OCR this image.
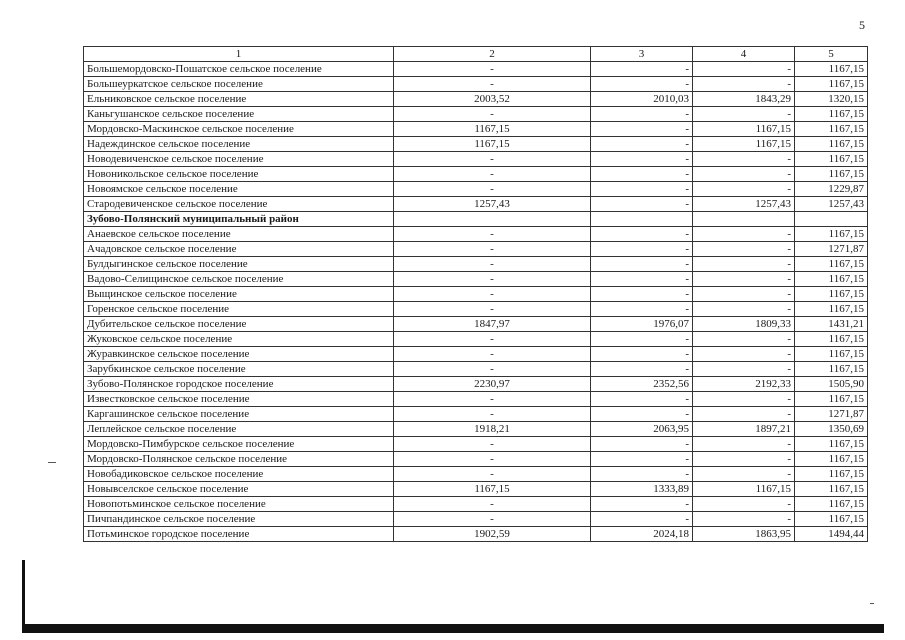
5
1	2	3	4	5
Большемордовско-Пошатское сельское поселение	-	-	-	1167,15
Большеуркатское сельское поселение	-	-	-	1167,15
Ельниковское сельское поселение	2003,52	2010,03	1843,29	1320,15
Каньгушанское сельское поселение	-	-	-	1167,15
Мордовско-Маскинское сельское поселение	1167,15	-	1167,15	1167,15
Надеждинское сельское поселение	1167,15	-	1167,15	1167,15
Новодевиченское сельское поселение	-	-	-	1167,15
Новоникольское сельское поселение	-	-	-	1167,15
Новоямское сельское поселение	-	-	-	1229,87
Стародевиченское сельское поселение	1257,43	-	1257,43	1257,43
Зубово-Полянский муниципальный район				
Анаевское сельское поселение	-	-	-	1167,15
Ачадовское сельское поселение	-	-	-	1271,87
Булдыгинское сельское поселение	-	-	-	1167,15
Вадово-Селищинское сельское поселение	-	-	-	1167,15
Выщинское сельское поселение	-	-	-	1167,15
Горенское сельское поселение	-	-	-	1167,15
Дубительское сельское поселение	1847,97	1976,07	1809,33	1431,21
Жуковское сельское поселение	-	-	-	1167,15
Журавкинское сельское поселение	-	-	-	1167,15
Зарубкинское сельское поселение	-	-	-	1167,15
Зубово-Полянское городское поселение	2230,97	2352,56	2192,33	1505,90
Известковское сельское поселение	-	-	-	1167,15
Каргашинское сельское поселение	-	-	-	1271,87
Леплейское сельское поселение	1918,21	2063,95	1897,21	1350,69
Мордовско-Пимбурское сельское поселение	-	-	-	1167,15
Мордовско-Полянское сельское поселение	-	-	-	1167,15
Новобадиковское сельское поселение	-	-	-	1167,15
Новывселское сельское поселение	1167,15	1333,89	1167,15	1167,15
Новопотьминское сельское поселение	-	-	-	1167,15
Пичпандинское сельское поселение	-	-	-	1167,15
Потьминское городское поселение	1902,59	2024,18	1863,95	1494,44
